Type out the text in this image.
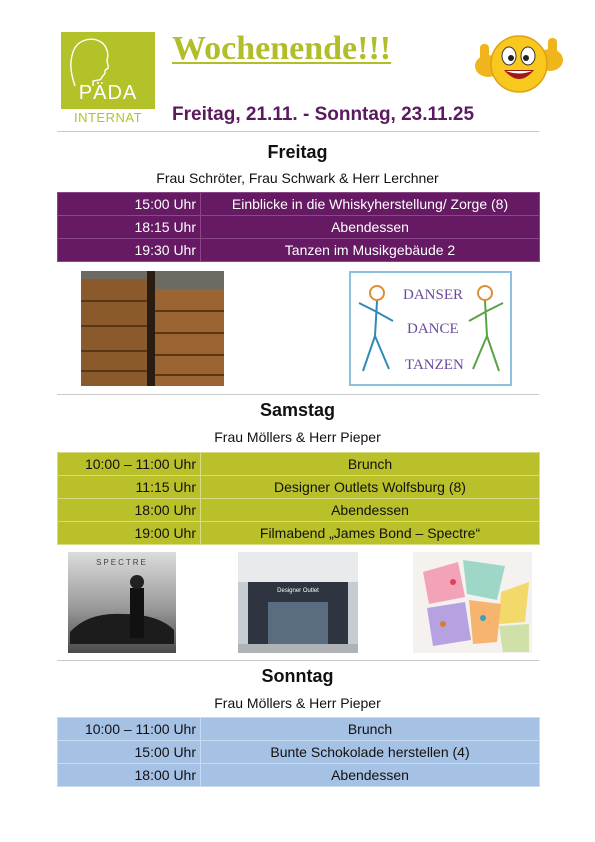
PÄDA
INTERNAT
Wochenende!!!
Freitag, 21.11. - Sonntag, 23.11.25
Freitag
Frau Schröter, Frau Schwark & Herr Lerchner
15:00 Uhr	Einblicke in die Whiskyherstellung/ Zorge (8)
18:15 Uhr	Abendessen
19:30 Uhr	Tanzen im Musikgebäude 2
DANSER
DANCE
TANZEN
Samstag
Frau Möllers & Herr Pieper
10:00 – 11:00 Uhr	Brunch
11:15 Uhr	Designer Outlets Wolfsburg (8)
18:00 Uhr	Abendessen
19:00 Uhr	Filmabend „James Bond – Spectre“
SPECTRE
Designer Outlet
Sonntag
Frau Möllers & Herr Pieper
10:00 – 11:00 Uhr	Brunch
15:00 Uhr	Bunte Schokolade herstellen (4)
18:00 Uhr	Abendessen
